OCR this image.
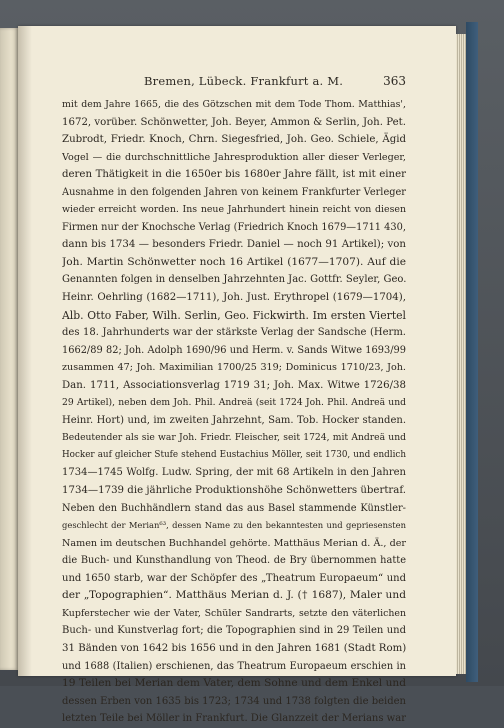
Bremen, Lübeck. Frankfurt a. M.	363
mit dem Jahre 1665, die des Götzschen mit dem Tode Thom. Matthias',
1672, vorüber. Schönwetter, Joh. Beyer, Ammon & Serlin, Joh. Pet.
Zubrodt, Friedr. Knoch, Chrn. Siegesfried, Joh. Geo. Schiele, Ägid
Vogel — die durchschnittliche Jahresproduktion aller dieser Verleger,
deren Thätigkeit in die 1650er bis 1680er Jahre fällt, ist mit einer
Ausnahme in den folgenden Jahren von keinem Frankfurter Verleger
wieder erreicht worden. Ins neue Jahrhundert hinein reicht von diesen
Firmen nur der Knochsche Verlag (Friedrich Knoch 1679—1711 430,
dann bis 1734 — besonders Friedr. Daniel — noch 91 Artikel); von
Joh. Martin Schönwetter noch 16 Artikel (1677—1707). Auf die
Genannten folgen in denselben Jahrzehnten Jac. Gottfr. Seyler, Geo.
Heinr. Oehrling (1682—1711), Joh. Just. Erythropel (1679—1704),
Alb. Otto Faber, Wilh. Serlin, Geo. Fickwirth. Im ersten Viertel
des 18. Jahrhunderts war der stärkste Verlag der Sandsche (Herm.
1662/89 82; Joh. Adolph 1690/96 und Herm. v. Sands Witwe 1693/99
zusammen 47; Joh. Maximilian 1700/25 319; Dominicus 1710/23, Joh.
Dan. 1711, Associationsverlag 1719 31; Joh. Max. Witwe 1726/38
29 Artikel), neben dem Joh. Phil. Andreä (seit 1724 Joh. Phil. Andreä und
Heinr. Hort) und, im zweiten Jahrzehnt, Sam. Tob. Hocker standen.
Bedeutender als sie war Joh. Friedr. Fleischer, seit 1724, mit Andreä und
Hocker auf gleicher Stufe stehend Eustachius Möller, seit 1730, und endlich
1734—1745 Wolfg. Ludw. Spring, der mit 68 Artikeln in den Jahren
1734—1739 die jährliche Produktionshöhe Schönwetters übertraf.
Neben den Buchhändlern stand das aus Basel stammende Künstler-
geschlecht der Merian⁶³, dessen Name zu den bekanntesten und gepriesensten
Namen im deutschen Buchhandel gehörte. Matthäus Merian d. Ä., der
die Buch- und Kunsthandlung von Theod. de Bry übernommen hatte
und 1650 starb, war der Schöpfer des „Theatrum Europaeum“ und
der „Topographien“. Matthäus Merian d. J. († 1687), Maler und
Kupferstecher wie der Vater, Schüler Sandrarts, setzte den väterlichen
Buch- und Kunstverlag fort; die Topographien sind in 29 Teilen und
31 Bänden von 1642 bis 1656 und in den Jahren 1681 (Stadt Rom)
und 1688 (Italien) erschienen, das Theatrum Europaeum erschien in
19 Teilen bei Merian dem Vater, dem Sohne und dem Enkel und
dessen Erben von 1635 bis 1723; 1734 und 1738 folgten die beiden
letzten Teile bei Möller in Frankfurt. Die Glanzzeit der Merians war
